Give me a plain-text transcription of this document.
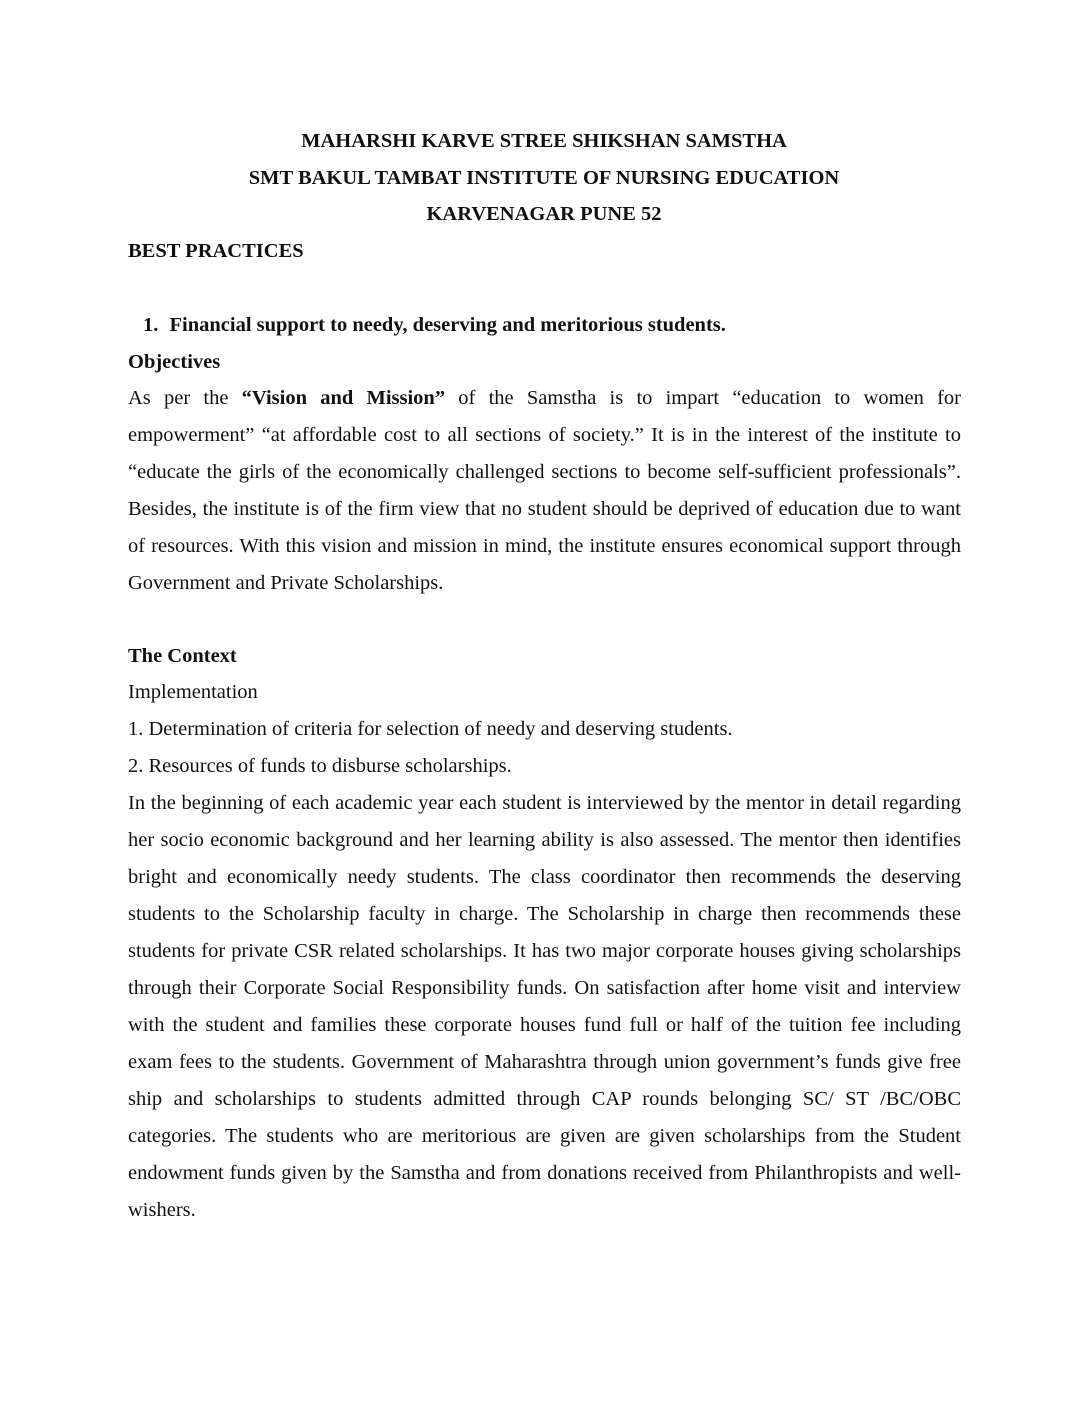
MAHARSHI KARVE STREE SHIKSHAN SAMSTHA
SMT BAKUL TAMBAT INSTITUTE OF NURSING EDUCATION
KARVENAGAR PUNE 52
BEST PRACTICES
1. Financial support to needy, deserving and meritorious students.
Objectives
As per the “Vision and Mission” of the Samstha is to impart “education to women for empowerment” “at affordable cost to all sections of society.” It is in the interest of the institute to “educate the girls of the economically challenged sections to become self-sufficient professionals”. Besides, the institute is of the firm view that no student should be deprived of education due to want of resources. With this vision and mission in mind, the institute ensures economical support through Government and Private Scholarships.
The Context
Implementation
1. Determination of criteria for selection of needy and deserving students.
2. Resources of funds to disburse scholarships.
In the beginning of each academic year each student is interviewed by the mentor in detail regarding her socio economic background and her learning ability is also assessed. The mentor then identifies bright and economically needy students. The class coordinator then recommends the deserving students to the Scholarship faculty in charge. The Scholarship in charge then recommends these students for private CSR related scholarships. It has two major corporate houses giving scholarships through their Corporate Social Responsibility funds. On satisfaction after home visit and interview with the student and families these corporate houses fund full or half of the tuition fee including exam fees to the students. Government of Maharashtra through union government’s funds give free ship and scholarships to students admitted through CAP rounds belonging SC/ ST /BC/OBC categories. The students who are meritorious are given are given scholarships from the Student endowment funds given by the Samstha and from donations received from Philanthropists and well-wishers.
